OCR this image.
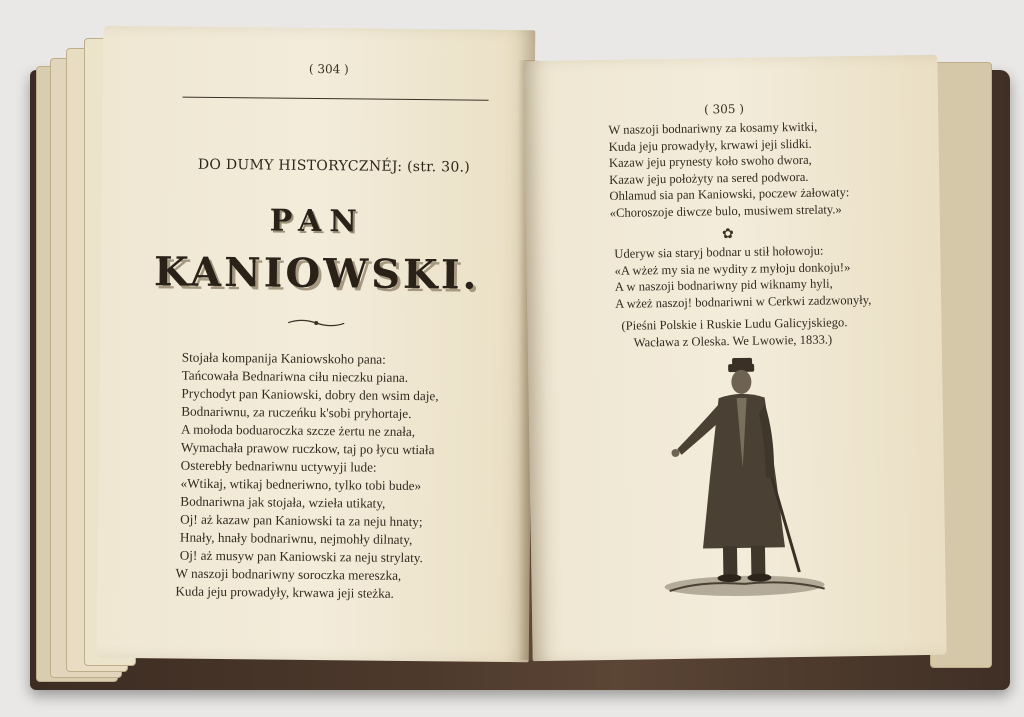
( 304 )
DO DUMY HISTORYCZNÉJ: (str. 30.)
PAN
KANIOWSKI.
Stojała kompanija Kaniowskoho pana:
Tańcowała Bednariwna ciłu nieczku piana.
Prychodyt pan Kaniowski, dobry den wsim daje,
Bodnariwnu, za ruczeńku k'sobi pryhortaje.
A mołoda boduaroczka szcze żertu ne znała,
Wymachała prawow ruczkow, taj po łycu wtiała
Osterebły bednariwnu uctywyji lude:
«Wtikaj, wtikaj bedneriwno, tylko tobi bude»
Bodnariwna jak stojała, wzieła utikaty,
Oj! aż kazaw pan Kaniowski ta za neju hnaty;
Hnały, hnały bodnariwnu, nejmohły dilnaty,
Oj! aż musyw pan Kaniowski za neju strylaty.
W naszoji bodnariwny soroczka mereszka,
Kuda jeju prowadyły, krwawa jeji steżka.
( 305 )
W naszoji bodnariwny za kosamy kwitki,
Kuda jeju prowadyły, krwawi jeji slidki.
Kazaw jeju prynesty koło swoho dwora,
Kazaw jeju położyty na sered podwora.
Ohlamud sia pan Kaniowski, poczew żałowaty:
«Choroszoje diwcze bulo, musiwem strelaty.»
✿
Uderyw sia staryj bodnar u stił hołowoju:
«A wżeż my sia ne wydity z myłoju donkoju!»
A w naszoji bodnariwny pid wiknamy hyli,
A wżeż naszoj! bodnariwni w Cerkwi zadzwonyły,
(Pieśni Polskie i Ruskie Ludu Galicyjskiego.
Wacława z Oleska. We Lwowie, 1833.)
